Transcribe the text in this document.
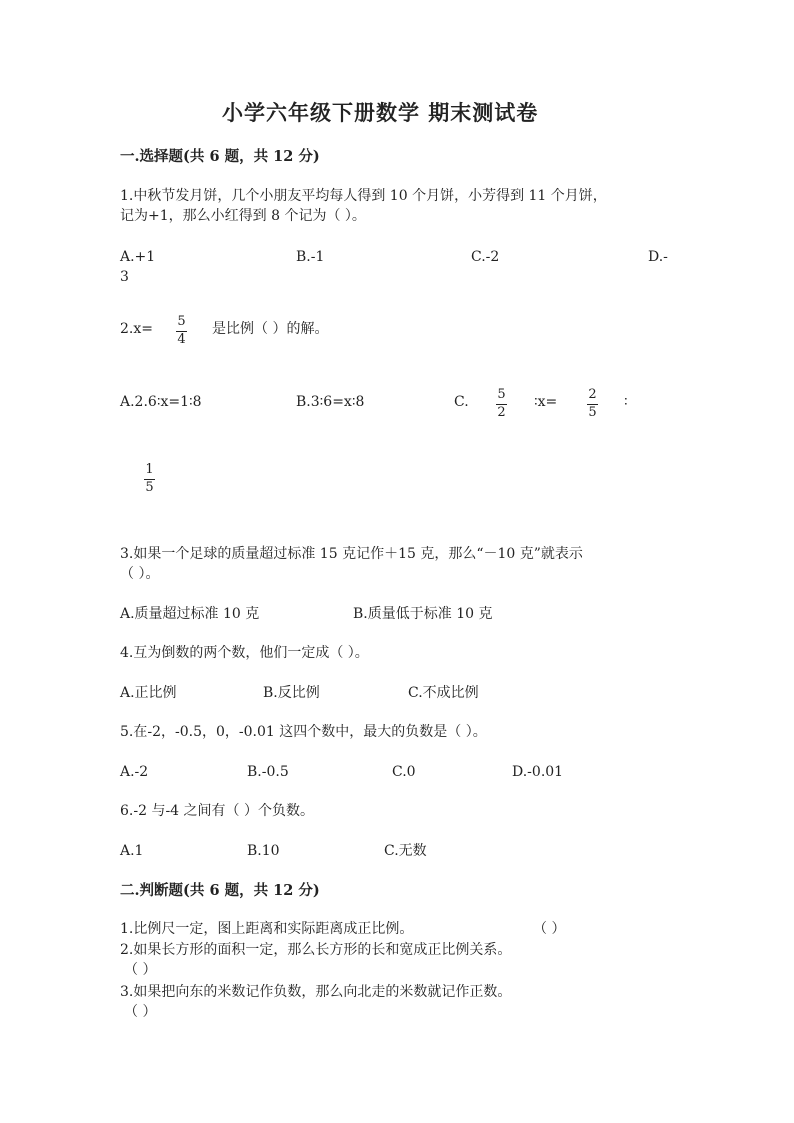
小学六年级下册数学 期末测试卷
一.选择题(共 6 题，共 12 分)
1.中秋节发月饼，几个小朋友平均每人得到 10 个月饼，小芳得到 11 个月饼，
记为+1，那么小红得到 8 个记为（ ）。
A.+1	B.-1	C.-2	D.-
3
2.x= 5
4
是比例（ ）的解。
A.2.6∶x=1∶8	B.3∶6=x∶8	C. 5
2
∶x= 2
5
∶
1
5
3.如果一个足球的质量超过标准 15 克记作＋15 克，那么“－10 克”就表示
（ ）。
A.质量超过标准 10 克	B.质量低于标准 10 克
4.互为倒数的两个数，他们一定成（ ）。
A.正比例	B.反比例	C.不成比例
5.在-2，-0.5，0，-0.01 这四个数中，最大的负数是（ ）。
A.-2	B.-0.5	C.0	D.-0.01
6.-2 与-4 之间有（ ）个负数。
A.1	B.10	C.无数
二.判断题(共 6 题，共 12 分)
1.比例尺一定，图上距离和实际距离成正比例。	（ ）
2.如果长方形的面积一定，那么长方形的长和宽成正比例关系。
（ ）
3.如果把向东的米数记作负数，那么向北走的米数就记作正数。
（ ）
